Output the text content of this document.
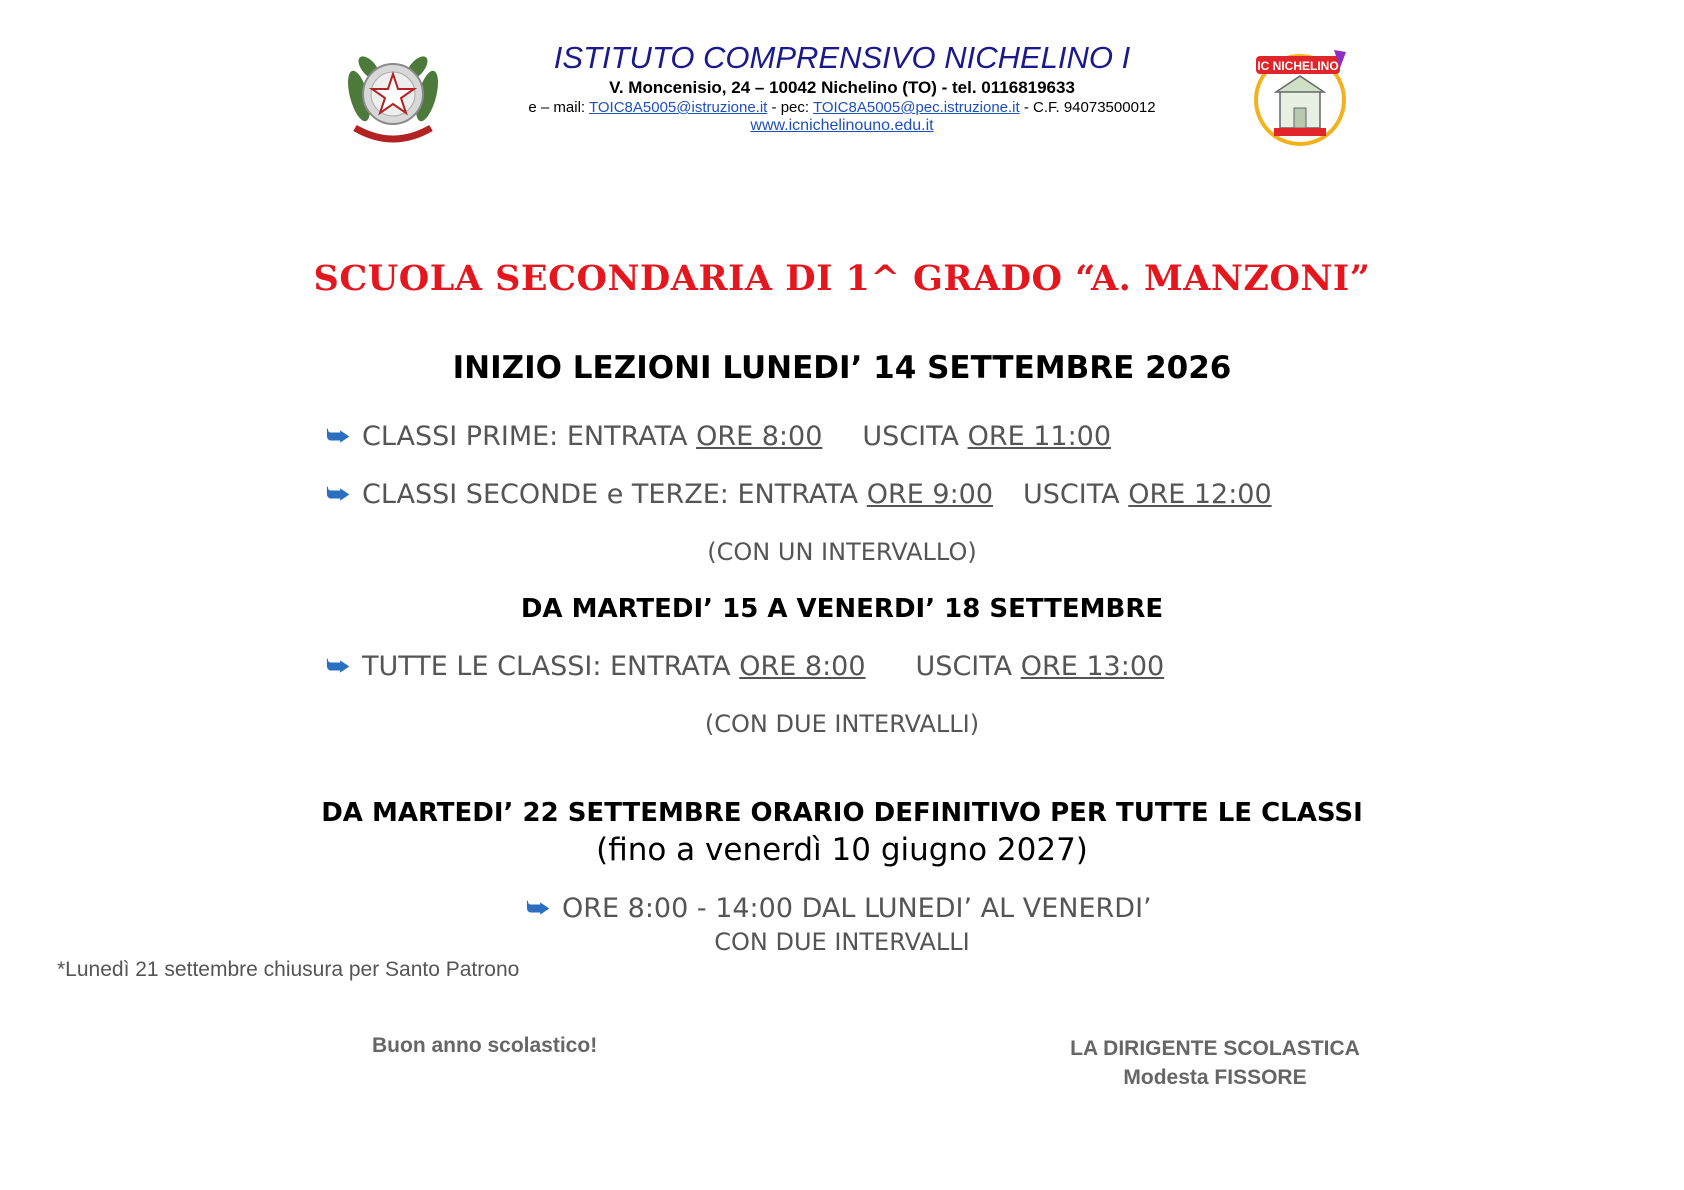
ISTITUTO COMPRENSIVO NICHELINO I
V. Moncenisio, 24 – 10042 Nichelino (TO) - tel. 0116819633
e – mail: TOIC8A5005@istruzione.it - pec: TOIC8A5005@pec.istruzione.it - C.F. 94073500012
www.icnichelinouno.edu.it
IC NICHELINO
SCUOLA SECONDARIA DI 1^ GRADO “A. MANZONI”
INIZIO LEZIONI LUNEDI’ 14 SETTEMBRE 2026
⮩ CLASSI PRIME: ENTRATA ORE 8:00 USCITA ORE 11:00
⮩ CLASSI SECONDE e TERZE: ENTRATA ORE 9:00 USCITA ORE 12:00
(CON UN INTERVALLO)
DA MARTEDI’ 15 A VENERDI’ 18 SETTEMBRE
⮩ TUTTE LE CLASSI: ENTRATA ORE 8:00 USCITA ORE 13:00
(CON DUE INTERVALLI)
DA MARTEDI’ 22 SETTEMBRE ORARIO DEFINITIVO PER TUTTE LE CLASSI
(fino a venerdì 10 giugno 2027)
⮩ ORE 8:00 - 14:00 DAL LUNEDI’ AL VENERDI’
CON DUE INTERVALLI
*Lunedì 21 settembre chiusura per Santo Patrono
Buon anno scolastico!	LA DIRIGENTE SCOLASTICA
Modesta FISSORE
